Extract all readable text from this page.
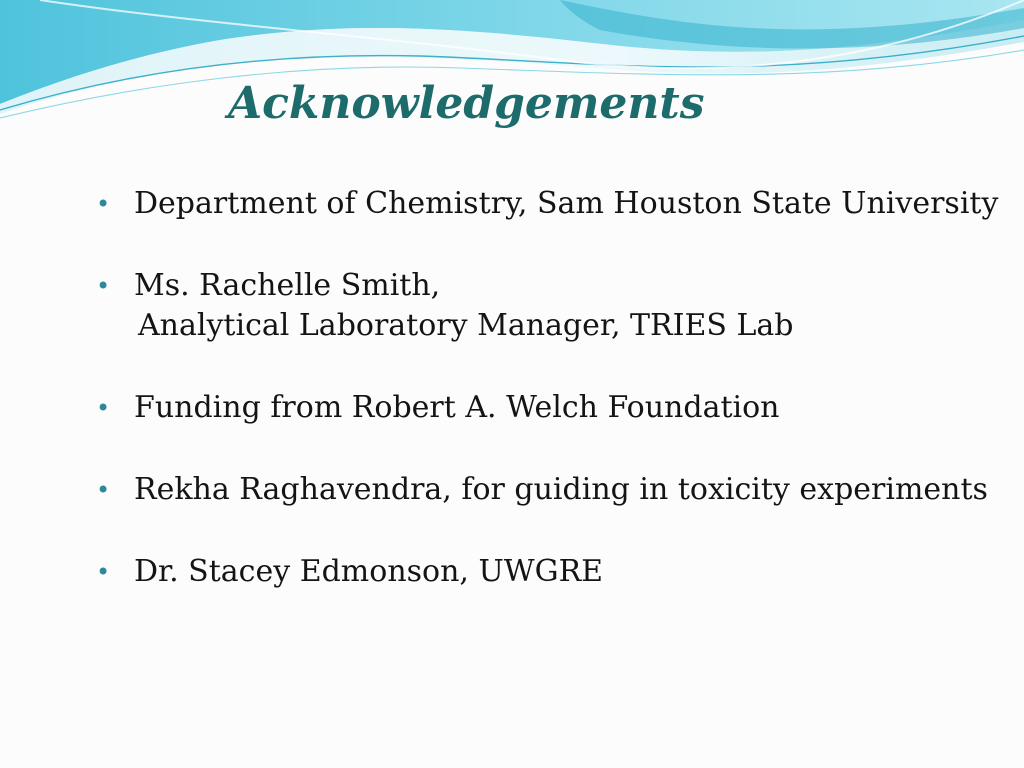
Acknowledgements
• Department of Chemistry, Sam Houston State University
• Ms. Rachelle Smith,
Analytical Laboratory Manager, TRIES Lab
• Funding from Robert A. Welch Foundation
• Rekha Raghavendra, for guiding in toxicity experiments
• Dr. Stacey Edmonson, UWGRE
